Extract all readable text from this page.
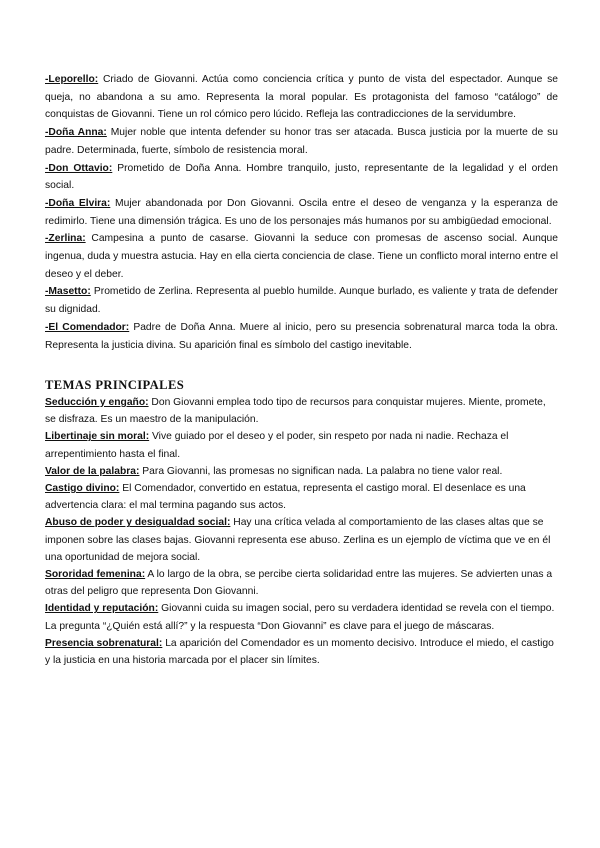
-Leporello: Criado de Giovanni. Actúa como conciencia crítica y punto de vista del espectador. Aunque se queja, no abandona a su amo. Representa la moral popular. Es protagonista del famoso “catálogo” de conquistas de Giovanni. Tiene un rol cómico pero lúcido. Refleja las contradicciones de la servidumbre.

-Doña Anna: Mujer noble que intenta defender su honor tras ser atacada. Busca justicia por la muerte de su padre. Determinada, fuerte, símbolo de resistencia moral.

-Don Ottavio: Prometido de Doña Anna. Hombre tranquilo, justo, representante de la legalidad y el orden social.

-Doña Elvira: Mujer abandonada por Don Giovanni. Oscila entre el deseo de venganza y la esperanza de redimirlo. Tiene una dimensión trágica. Es uno de los personajes más humanos por su ambigüedad emocional.

-Zerlina: Campesina a punto de casarse. Giovanni la seduce con promesas de ascenso social. Aunque ingenua, duda y muestra astucia. Hay en ella cierta conciencia de clase. Tiene un conflicto moral interno entre el deseo y el deber.

-Masetto: Prometido de Zerlina. Representa al pueblo humilde. Aunque burlado, es valiente y trata de defender su dignidad.

-El Comendador: Padre de Doña Anna. Muere al inicio, pero su presencia sobrenatural marca toda la obra. Representa la justicia divina. Su aparición final es símbolo del castigo inevitable.

TEMAS PRINCIPALES

Seducción y engaño: Don Giovanni emplea todo tipo de recursos para conquistar mujeres. Miente, promete, se disfraza. Es un maestro de la manipulación.

Libertinaje sin moral: Vive guiado por el deseo y el poder, sin respeto por nada ni nadie. Rechaza el arrepentimiento hasta el final.

Valor de la palabra: Para Giovanni, las promesas no significan nada. La palabra no tiene valor real.

Castigo divino: El Comendador, convertido en estatua, representa el castigo moral. El desenlace es una advertencia clara: el mal termina pagando sus actos.

Abuso de poder y desigualdad social: Hay una crítica velada al comportamiento de las clases altas que se imponen sobre las clases bajas. Giovanni representa ese abuso. Zerlina es un ejemplo de víctima que ve en él una oportunidad de mejora social.

Sororidad femenina: A lo largo de la obra, se percibe cierta solidaridad entre las mujeres. Se advierten unas a otras del peligro que representa Don Giovanni.

Identidad y reputación: Giovanni cuida su imagen social, pero su verdadera identidad se revela con el tiempo. La pregunta “¿Quién está allí?” y la respuesta “Don Giovanni” es clave para el juego de máscaras.

Presencia sobrenatural: La aparición del Comendador es un momento decisivo. Introduce el miedo, el castigo y la justicia en una historia marcada por el placer sin límites.
